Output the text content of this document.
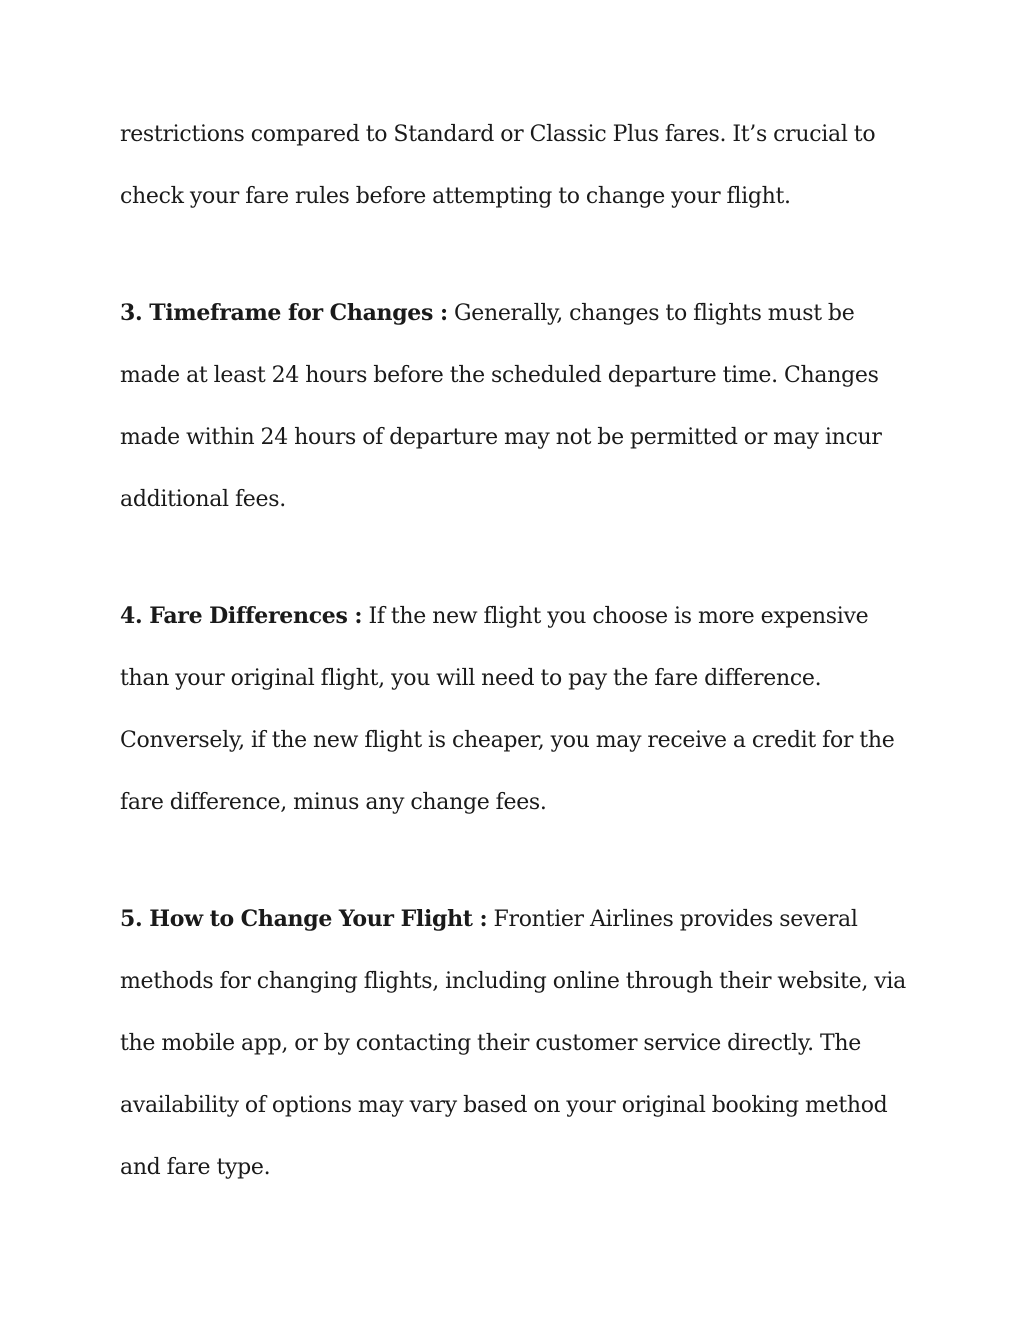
restrictions compared to Standard or Classic Plus fares. It’s crucial to check your fare rules before attempting to change your flight.

3. Timeframe for Changes : Generally, changes to flights must be made at least 24 hours before the scheduled departure time. Changes made within 24 hours of departure may not be permitted or may incur additional fees.

4. Fare Differences : If the new flight you choose is more expensive than your original flight, you will need to pay the fare difference. Conversely, if the new flight is cheaper, you may receive a credit for the fare difference, minus any change fees.

5. How to Change Your Flight : Frontier Airlines provides several methods for changing flights, including online through their website, via the mobile app, or by contacting their customer service directly. The availability of options may vary based on your original booking method and fare type.
